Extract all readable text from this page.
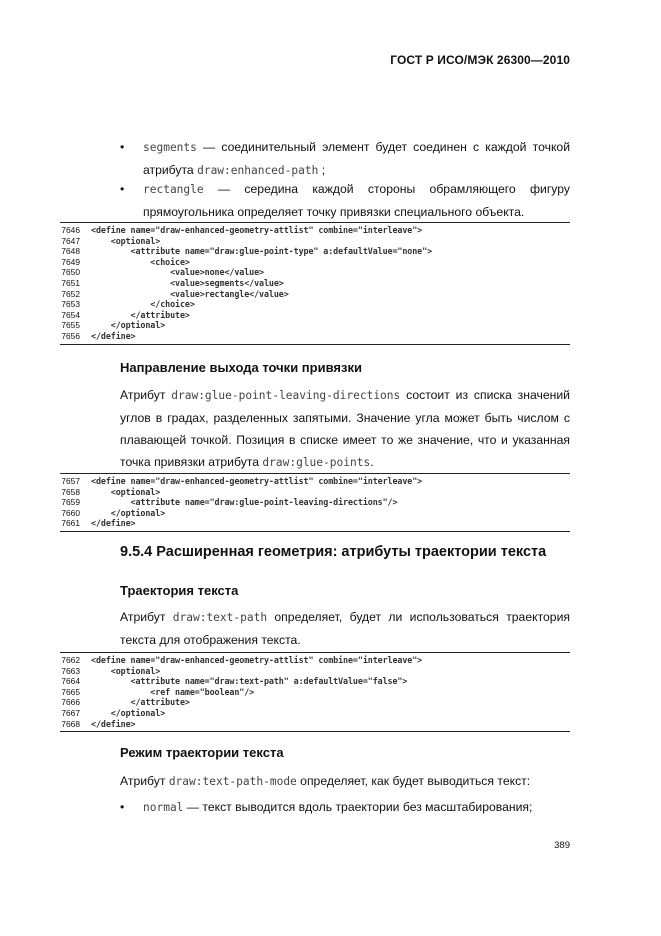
ГОСТ Р ИСО/МЭК 26300—2010
• segments — соединительный элемент будет соединен с каждой точкой атрибута draw:enhanced-path ;
• rectangle — середина каждой стороны обрамляющего фигуру прямоугольника определяет точку привязки специального объекта.
7646 <define name="draw-enhanced-geometry-attlist" combine="interleave">
7647 <optional>
7648 <attribute name="draw:glue-point-type" a:defaultValue="none">
7649 <choice>
7650 <value>none</value>
7651 <value>segments</value>
7652 <value>rectangle</value>
7653 </choice>
7654 </attribute>
7655 </optional>
7656 </define>
Направление выхода точки привязки
Атрибут draw:glue-point-leaving-directions состоит из списка значений углов в градах, разделенных запятыми. Значение угла может быть числом с плавающей точкой. Позиция в списке имеет то же значение, что и указанная точка привязки атрибута draw:glue-points.
7657 <define name="draw-enhanced-geometry-attlist" combine="interleave">
7658 <optional>
7659 <attribute name="draw:glue-point-leaving-directions"/>
7660 </optional>
7661 </define>
9.5.4 Расширенная геометрия: атрибуты траектории текста
Траектория текста
Атрибут draw:text-path определяет, будет ли использоваться траектория текста для отображения текста.
7662 <define name="draw-enhanced-geometry-attlist" combine="interleave">
7663 <optional>
7664 <attribute name="draw:text-path" a:defaultValue="false">
7665 <ref name="boolean"/>
7666 </attribute>
7667 </optional>
7668 </define>
Режим траектории текста
Атрибут draw:text-path-mode определяет, как будет выводиться текст:
• normal — текст выводится вдоль траектории без масштабирования;
389
